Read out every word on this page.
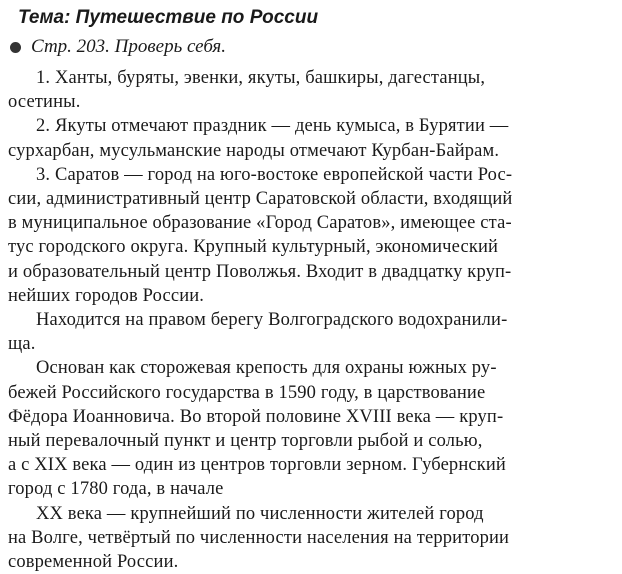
Тема: Путешествие по России
Стр. 203. Проверь себя.

1. Ханты, буряты, эвенки, якуты, башкиры, дагестанцы,
осетины.

2. Якуты отмечают праздник — день кумыса, в Бурятии —
сурхарбан, мусульманские народы отмечают Курбан-Байрам.

3. Саратов — город на юго-востоке европейской части Рос-
сии, административный центр Саратовской области, входящий
в муниципальное образование «Город Саратов», имеющее ста-
тус городского округа. Крупный культурный, экономический
и образовательный центр Поволжья. Входит в двадцатку круп-
нейших городов России.

Находится на правом берегу Волгоградского водохранили-
ща.

Основан как сторожевая крепость для охраны южных ру-
бежей Российского государства в 1590 году, в царствование
Фёдора Иоанновича. Во второй половине XVIII века — круп-
ный перевалочный пункт и центр торговли рыбой и солью,
а с XIX века — один из центров торговли зерном. Губернский
город с 1780 года, в начале

XX века — крупнейший по численности жителей город
на Волге, четвёртый по численности населения на территории
современной России.
